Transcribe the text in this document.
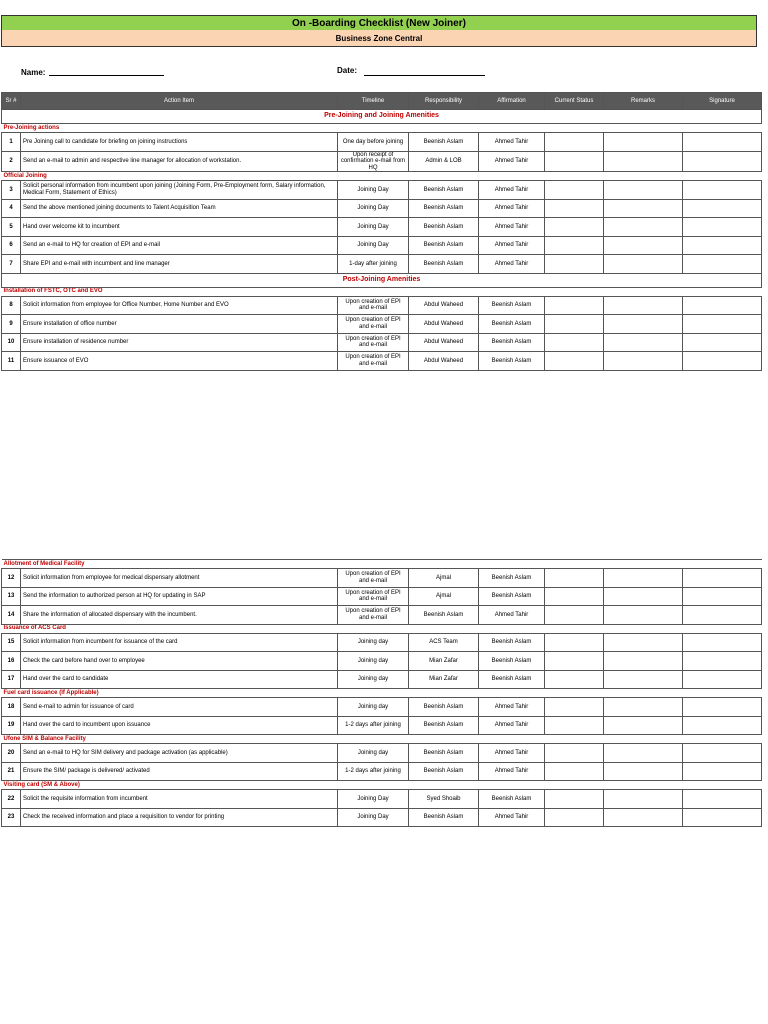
On -Boarding Checklist (New Joiner)
Business Zone Central
Name:	Date:
Sr #	Action Item	Timeline	Responsibility	Affirmation	Current Status	Remarks	Signature
Pre-Joining and Joining Amenities							
Pre-Joining actions							
1	Pre Joining call to candidate for briefing on joining instructions	One day before joining	Beenish Aslam	Ahmed Tahir			
2	Send an e-mail to admin and respective line manager for allocation of workstation.	Upon receipt of confirmation e-mail from HQ	Admin & LOB	Ahmed Tahir			
Official Joining							
3	Solicit personal information from incumbent upon joining (Joining Form, Pre-Employment form, Salary information, Medical Form, Statement of Ethics)	Joining Day	Beenish Aslam	Ahmed Tahir			
4	Send the above mentioned joining documents to Talent Acquisition Team	Joining Day	Beenish Aslam	Ahmed Tahir			
5	Hand over welcome kit to incumbent	Joining Day	Beenish Aslam	Ahmed Tahir			
6	Send an e-mail to HQ for creation of EPI and e-mail	Joining Day	Beenish Aslam	Ahmed Tahir			
7	Share EPI and e-mail with incumbent and line manager	1-day after joining	Beenish Aslam	Ahmed Tahir			
Post-Joining Amenities							
Installation of FSTC, OTC and EVO							
8	Solicit information from employee for Office Number, Home Number and EVO	Upon creation of EPI and e-mail	Abdul Waheed	Beenish Aslam			
9	Ensure installation of office number	Upon creation of EPI and e-mail	Abdul Waheed	Beenish Aslam			
10	Ensure installation of residence number	Upon creation of EPI and e-mail	Abdul Waheed	Beenish Aslam			
11	Ensure issuance of EVO	Upon creation of EPI and e-mail	Abdul Waheed	Beenish Aslam			
Allotment of Medical Facility							
12	Solicit information from employee for medical dispensary allotment	Upon creation of EPI and e-mail	Ajmal	Beenish Aslam			
13	Send the information to authorized person at HQ for updating in SAP	Upon creation of EPI and e-mail	Ajmal	Beenish Aslam			
14	Share the information of allocated dispensary with the incumbent.	Upon creation of EPI and e-mail	Beenish Aslam	Ahmed Tahir			
Issuance of ACS Card							
15	Solicit information from incumbent for issuance of the card	Joining day	ACS Team	Beenish Aslam			
16	Check the card before hand over to employee	Joining day	Mian Zafar	Beenish Aslam			
17	Hand over the card to candidate	Joining day	Mian Zafar	Beenish Aslam			
Fuel card issuance (If Applicable)							
18	Send e-mail to admin for issuance of card	Joining day	Beenish Aslam	Ahmed Tahir			
19	Hand over the card to incumbent upon issuance	1-2 days after joining	Beenish Aslam	Ahmed Tahir			
Ufone SIM & Balance Facility							
20	Send an e-mail to HQ for SIM delivery and package activation (as applicable)	Joining day	Beenish Aslam	Ahmed Tahir			
21	Ensure the SIM/ package is delivered/ activated	1-2 days after joining	Beenish Aslam	Ahmed Tahir			
Visiting card (SM & Above)							
22	Solicit the requisite information from incumbent	Joining Day	Syed Shoaib	Beenish Aslam			
23	Check the received information and place a requisition to vendor for printing	Joining Day	Beenish Aslam	Ahmed Tahir			
